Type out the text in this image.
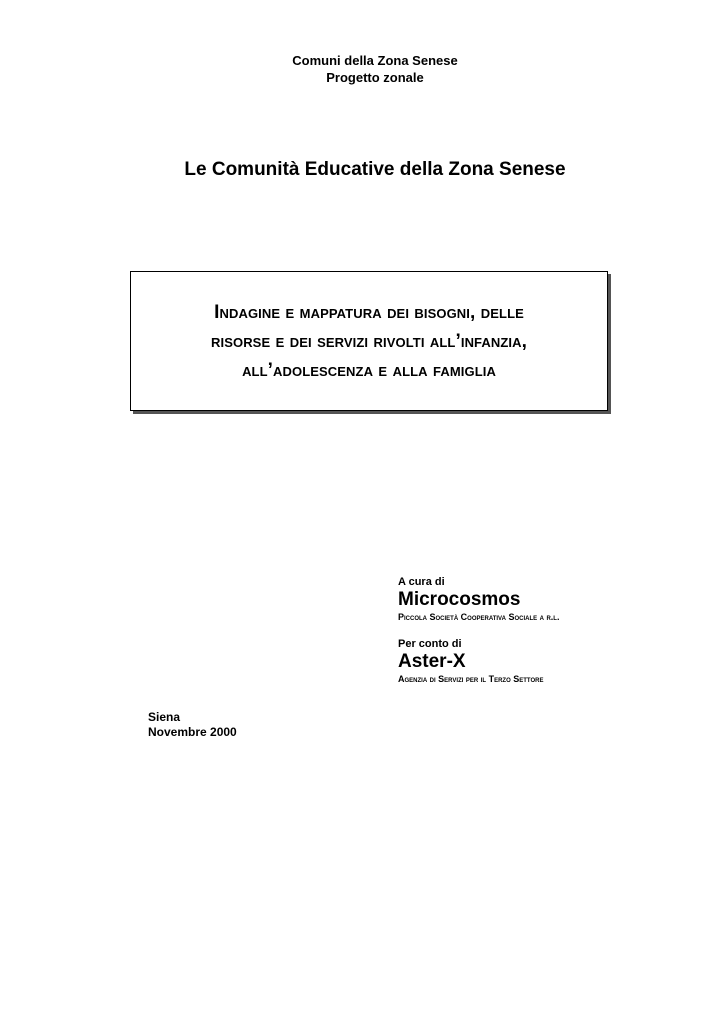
Comuni della Zona Senese
Progetto zonale
Le Comunità Educative della Zona Senese
Indagine e mappatura dei bisogni, delle
risorse e dei servizi rivolti all’infanzia,
all’adolescenza e alla famiglia
A cura di
Microcosmos
Piccola Società Cooperativa Sociale a r.l.
Per conto di
Aster-X
Agenzia di Servizi per il Terzo Settore
Siena
Novembre 2000
